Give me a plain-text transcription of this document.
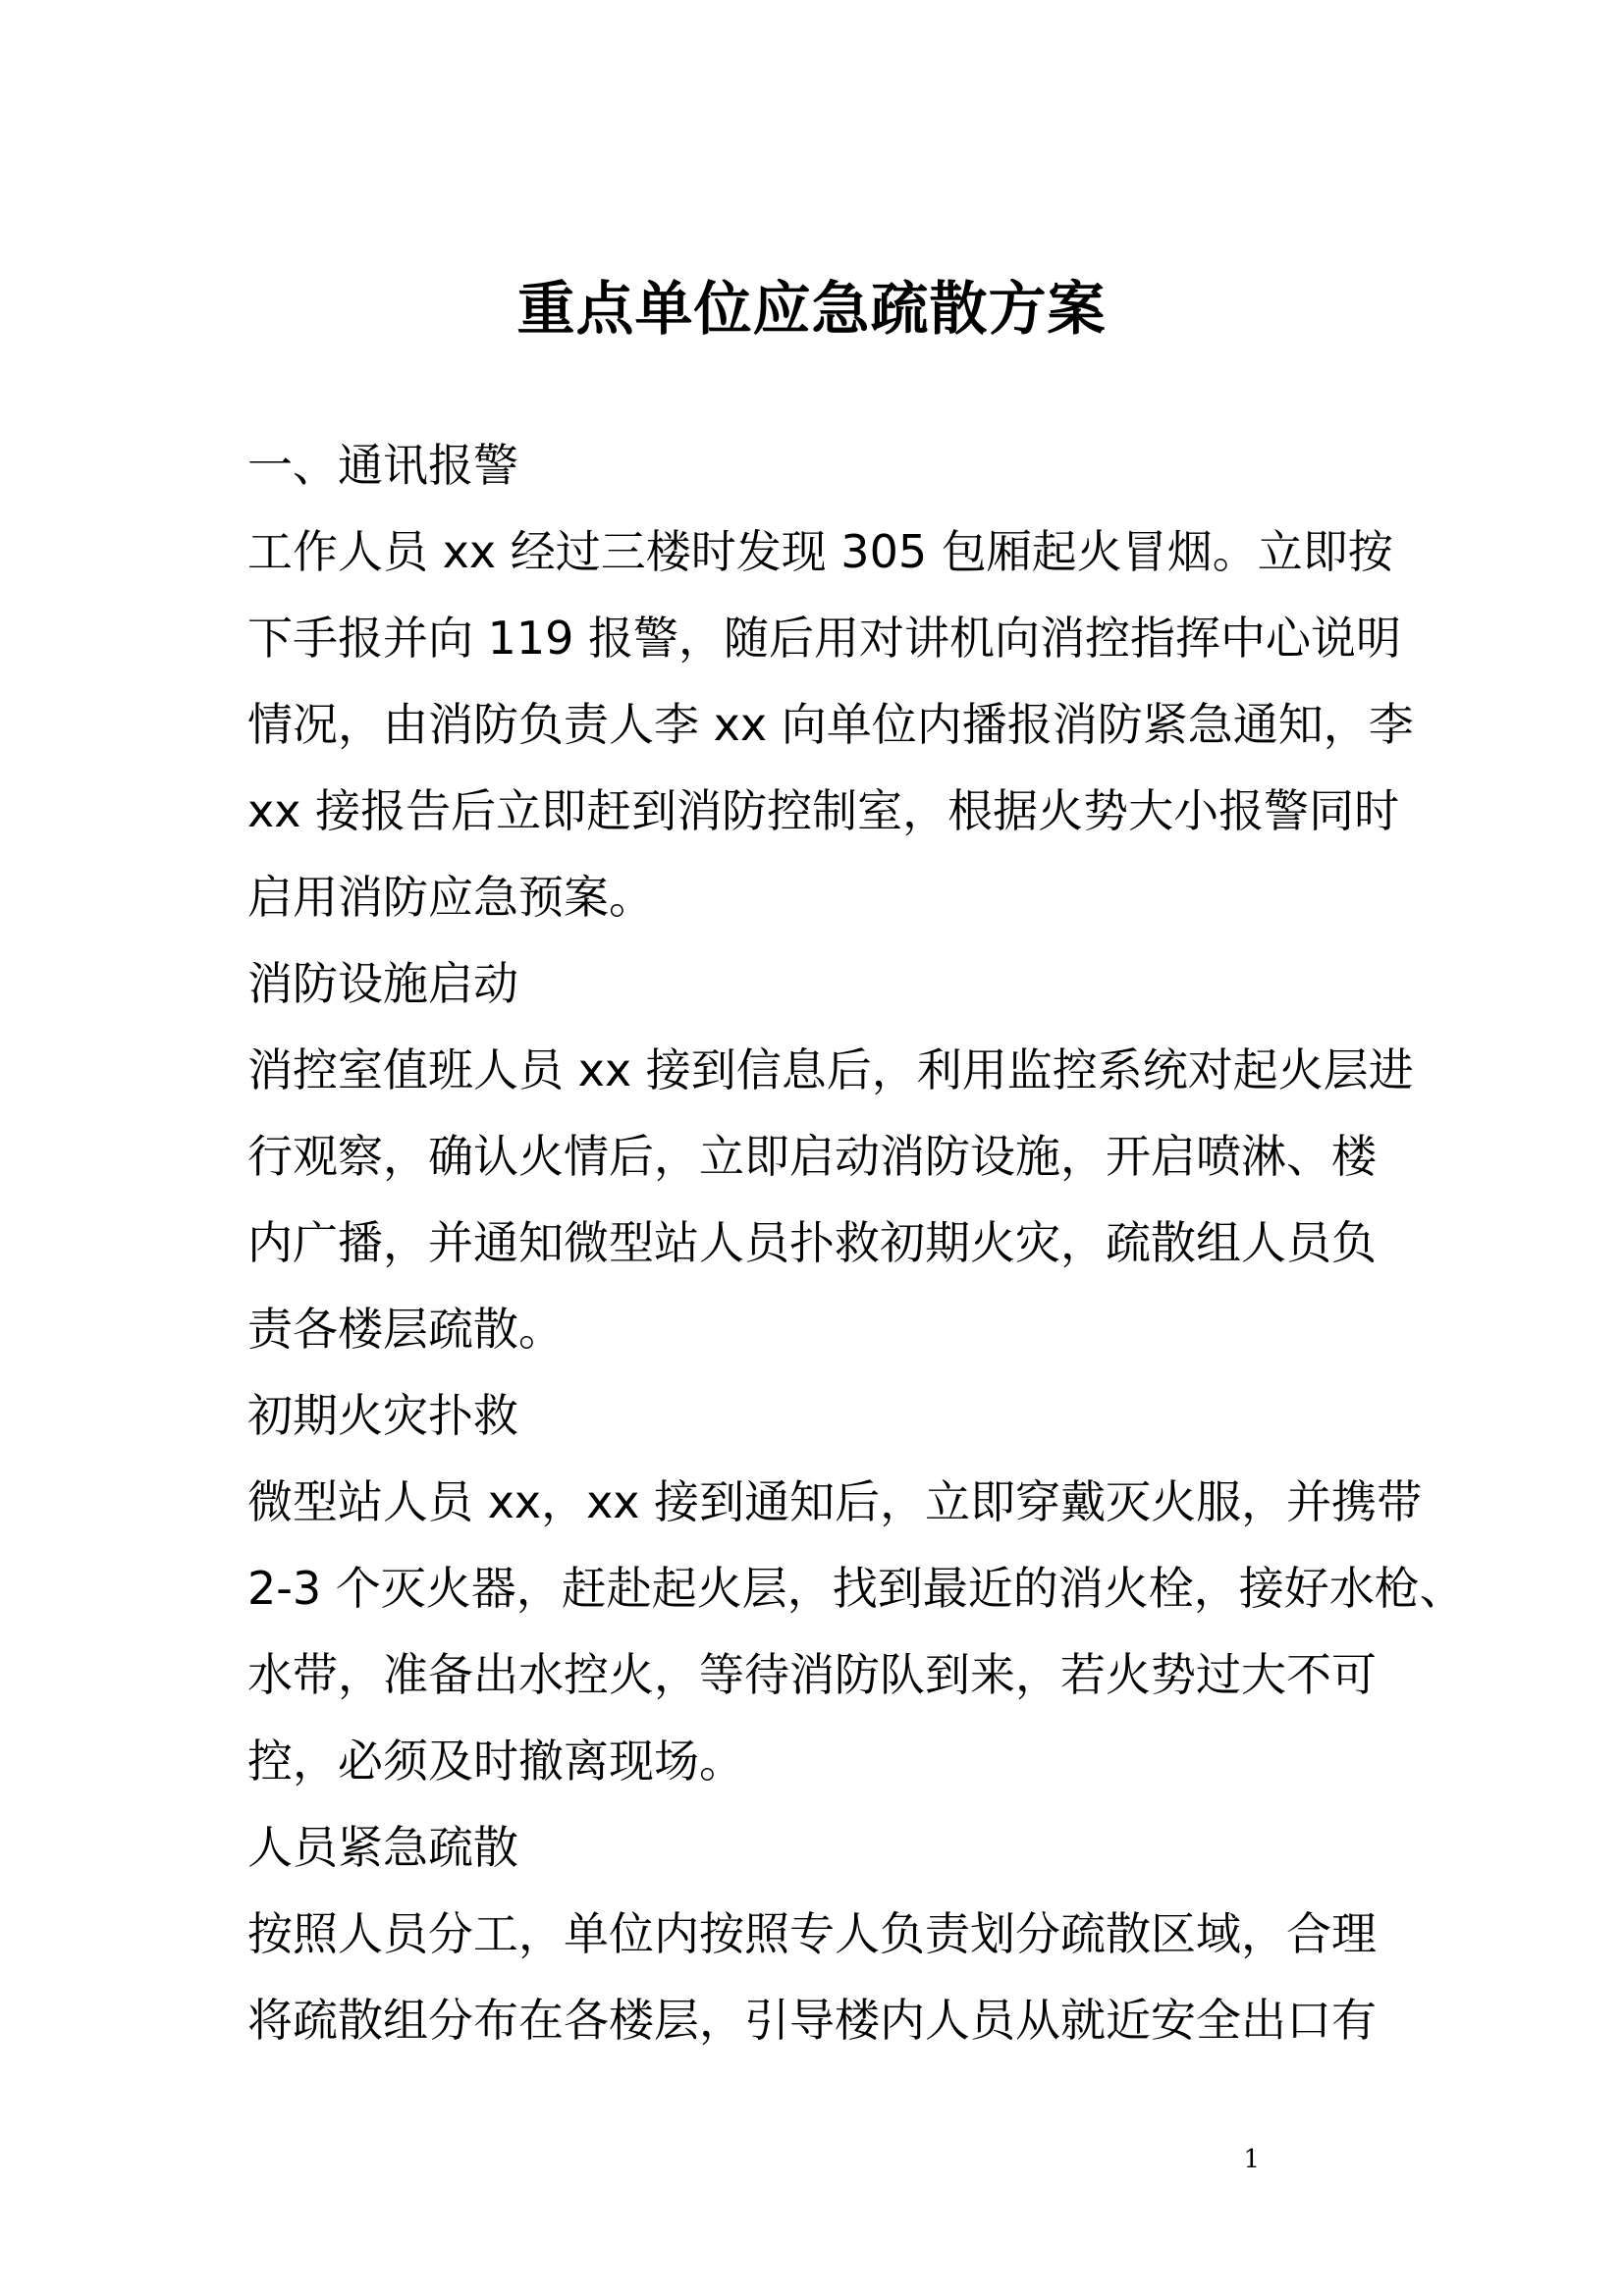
重点单位应急疏散方案
一、通讯报警
工作人员 xx 经过三楼时发现 305 包厢起火冒烟。立即按
下手报并向 119 报警，随后用对讲机向消控指挥中心说明
情况，由消防负责人李 xx 向单位内播报消防紧急通知，李
xx 接报告后立即赶到消防控制室，根据火势大小报警同时
启用消防应急预案。
消防设施启动
消控室值班人员 xx 接到信息后，利用监控系统对起火层进
行观察，确认火情后，立即启动消防设施，开启喷淋、楼
内广播，并通知微型站人员扑救初期火灾，疏散组人员负
责各楼层疏散。
初期火灾扑救
微型站人员 xx，xx 接到通知后，立即穿戴灭火服，并携带
2-3 个灭火器，赶赴起火层，找到最近的消火栓，接好水枪、
水带，准备出水控火，等待消防队到来，若火势过大不可
控，必须及时撤离现场。
人员紧急疏散
按照人员分工，单位内按照专人负责划分疏散区域，合理
将疏散组分布在各楼层，引导楼内人员从就近安全出口有
1
